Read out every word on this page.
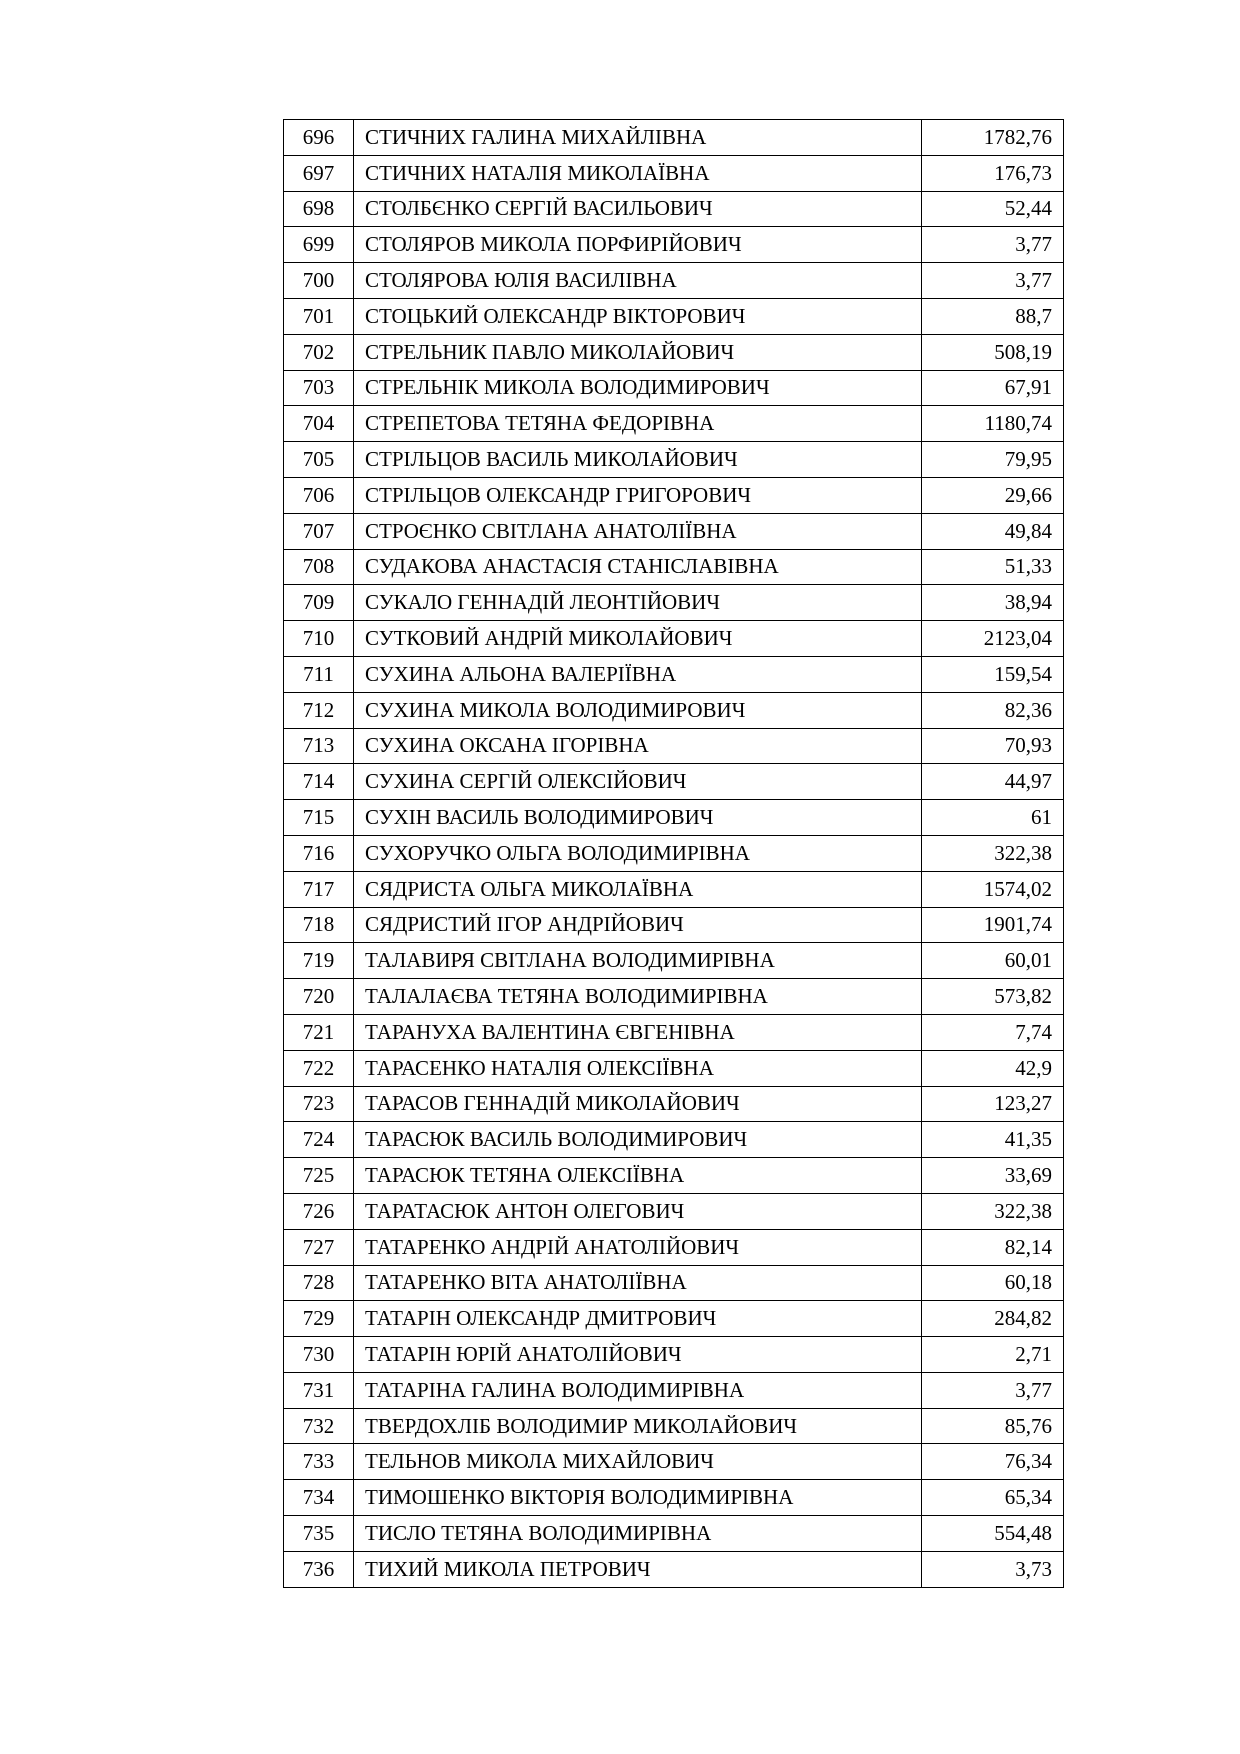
696	СТИЧНИХ ГАЛИНА МИХАЙЛІВНА	1782,76
697	СТИЧНИХ НАТАЛІЯ МИКОЛАЇВНА	176,73
698	СТОЛБЄНКО СЕРГІЙ ВАСИЛЬОВИЧ	52,44
699	СТОЛЯРОВ МИКОЛА ПОРФИРІЙОВИЧ	3,77
700	СТОЛЯРОВА ЮЛІЯ ВАСИЛІВНА	3,77
701	СТОЦЬКИЙ ОЛЕКСАНДР ВІКТОРОВИЧ	88,7
702	СТРЕЛЬНИК ПАВЛО МИКОЛАЙОВИЧ	508,19
703	СТРЕЛЬНІК МИКОЛА ВОЛОДИМИРОВИЧ	67,91
704	СТРЕПЕТОВА ТЕТЯНА ФЕДОРІВНА	1180,74
705	СТРІЛЬЦОВ ВАСИЛЬ МИКОЛАЙОВИЧ	79,95
706	СТРІЛЬЦОВ ОЛЕКСАНДР ГРИГОРОВИЧ	29,66
707	СТРОЄНКО СВІТЛАНА АНАТОЛІЇВНА	49,84
708	СУДАКОВА АНАСТАСІЯ СТАНІСЛАВІВНА	51,33
709	СУКАЛО ГЕННАДІЙ ЛЕОНТІЙОВИЧ	38,94
710	СУТКОВИЙ АНДРІЙ МИКОЛАЙОВИЧ	2123,04
711	СУХИНА АЛЬОНА ВАЛЕРІЇВНА	159,54
712	СУХИНА МИКОЛА ВОЛОДИМИРОВИЧ	82,36
713	СУХИНА ОКСАНА ІГОРІВНА	70,93
714	СУХИНА СЕРГІЙ ОЛЕКСІЙОВИЧ	44,97
715	СУХІН ВАСИЛЬ ВОЛОДИМИРОВИЧ	61
716	СУХОРУЧКО ОЛЬГА ВОЛОДИМИРІВНА	322,38
717	СЯДРИСТА ОЛЬГА МИКОЛАЇВНА	1574,02
718	СЯДРИСТИЙ ІГОР АНДРІЙОВИЧ	1901,74
719	ТАЛАВИРЯ СВІТЛАНА ВОЛОДИМИРІВНА	60,01
720	ТАЛАЛАЄВА ТЕТЯНА ВОЛОДИМИРІВНА	573,82
721	ТАРАНУХА ВАЛЕНТИНА ЄВГЕНІВНА	7,74
722	ТАРАСЕНКО НАТАЛІЯ ОЛЕКСІЇВНА	42,9
723	ТАРАСОВ ГЕННАДІЙ МИКОЛАЙОВИЧ	123,27
724	ТАРАСЮК ВАСИЛЬ ВОЛОДИМИРОВИЧ	41,35
725	ТАРАСЮК ТЕТЯНА ОЛЕКСІЇВНА	33,69
726	ТАРАТАСЮК АНТОН ОЛЕГОВИЧ	322,38
727	ТАТАРЕНКО АНДРІЙ АНАТОЛІЙОВИЧ	82,14
728	ТАТАРЕНКО ВІТА АНАТОЛІЇВНА	60,18
729	ТАТАРІН ОЛЕКСАНДР ДМИТРОВИЧ	284,82
730	ТАТАРІН ЮРІЙ АНАТОЛІЙОВИЧ	2,71
731	ТАТАРІНА ГАЛИНА ВОЛОДИМИРІВНА	3,77
732	ТВЕРДОХЛІБ ВОЛОДИМИР МИКОЛАЙОВИЧ	85,76
733	ТЕЛЬНОВ МИКОЛА МИХАЙЛОВИЧ	76,34
734	ТИМОШЕНКО ВІКТОРІЯ ВОЛОДИМИРІВНА	65,34
735	ТИСЛО ТЕТЯНА ВОЛОДИМИРІВНА	554,48
736	ТИХИЙ МИКОЛА ПЕТРОВИЧ	3,73
